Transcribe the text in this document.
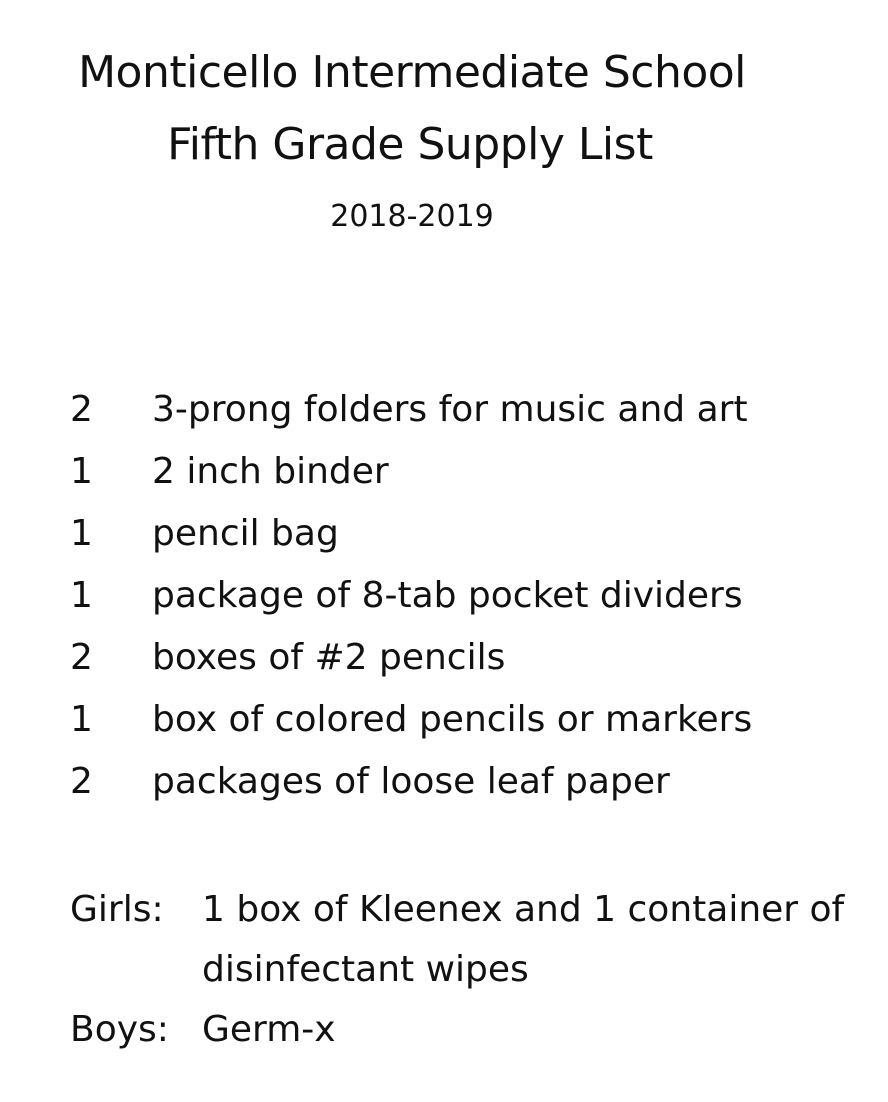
Monticello Intermediate School
Fifth Grade Supply List
2018-2019
2	3-prong folders for music and art
1	2 inch binder
1	pencil bag
1	package of 8-tab pocket dividers
2	boxes of #2 pencils
1	box of colored pencils or markers
2	packages of loose leaf paper
Girls:	1 box of Kleenex and 1 container of disinfectant wipes
Boys: Germ-x
